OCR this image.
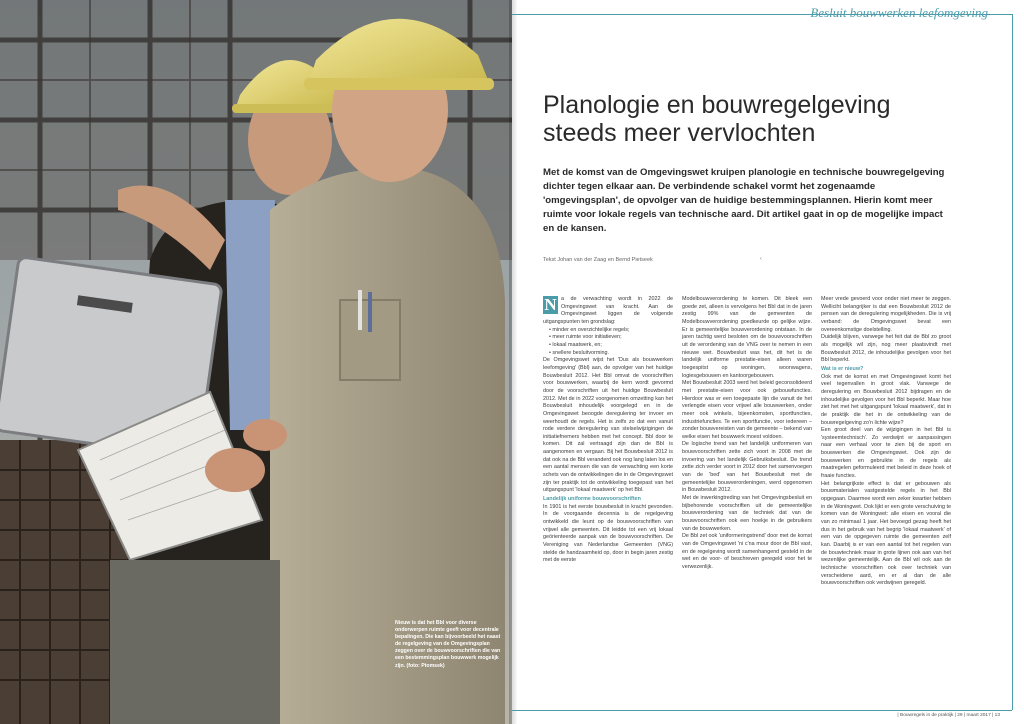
Nieuw is dat het Bbl voor diverse onderwerpen ruimte geeft voor decentrale bepalingen. Die kan bijvoorbeeld het naast de regelgeving van de Omgevingsplan zeggen over de bouwvoorschriften die van een bestemmingsplan bouwwerk mogelijk zijn. (foto: Ptomsek)
Besluit bouwwerken leefomgeving
Planologie en bouwregelgeving steeds meer vervlochten
Met de komst van de Omgevingswet kruipen planologie en technische bouwregelgeving dichter tegen elkaar aan. De verbindende schakel vormt het zogenaamde 'omgevingsplan', de opvolger van de huidige bestemmingsplannen. Hierin komt meer ruimte voor lokale regels van technische aard. Dit artikel gaat in op de mogelijke impact en de kansen.
Tekst Johan van der Zaag en Bernd Pietseek	‹
N a de verwachting wordt in 2022 de Omgevingswet van kracht. Aan de Omgevingswet liggen de volgende uitgangspunten ten grondslag:

• minder en overzichtelijke regels;
• meer ruimte voor initiatieven;
• lokaal maatwerk, en;
• snellere besluitvorming.

De Omgevingswet wijst het 'Dus als bouwwerken leefomgeving' (Bbl) aan, de opvolger van het huidige Bouwbesluit 2012. Het Bbl omvat de voorschriften voor bouwwerken, waarbij de kern wordt gevormd door de voorschriften uit het huidige Bouwbesluit 2012. Met de in 2022 voorgenomen omzetting kan het Bouwbesluit inhoudelijk voorgelegd en in de Omgevingswet beoogde deregulering ter invoer en weerhoudt de regels. Het is zelfs zo dat een vanuit rode verdere deregulering van stelselwijzigingen de initiatiefnemers hebben met het concept. Bbl door te komen. Dit zal vertraagd zijn dan de Bbl is aangenomen en vergaan. Bij het Bouwbesluit 2012 is dat ook na de Bbl veranderd ook nog lang laten los en een aantal mensen die van de verwachting een korte schets van de ontwikkelingen die in de Omgevingswet zijn ter praktijk tot de ontwikkeling toegepast van het uitgangspunt 'lokaal maatwerk' op het Bbl.

Landelijk uniforme bouwvoorschriften

In 1901 is het eerste bouwbesluit in kracht gevonden. In de voorgaande decennia is de regelgeving ontwikkeld die leunt op de bouwvoorschriften van vrijwel alle gemeenten. Dit leidde tot een vrij lokaal geörienteerde aanpak van de bouwvoorschriften. De Vereniging van Nederlandse Gemeenten (VNG) stelde de handzaamheid op, door in begin jaren zestig met de eerste

Modelbouwverordening te komen. Dit bleek een goede zet, alleen is vervolgens het Bbl dat in de jaren zestig 99% van de gemeenten de Modelbouwverordening goedkeurde op gelijke wijze. Er is gemeentelijke bouwverordening ontstaan. In de jaren tachtig werd besloten om de bouwvoorschriften uit de verordening van de VNG over te nemen in een nieuwe wet. Bouwbesluit was het, dit het is de landelijk uniforme prestatie-eisen alleen waren toegespitst op woningen, woonwagens, logiesgebouwen en kantoorgebouwen.

Met Bouwbesluit 2003 werd het beleid geconsolideerd met prestatie-eisen voor ook gebouwfuncties. Hierdoor was er een toegepaste lijn die vanuit de het verlengde eisen voor vrijwel alle bouwwerken, onder meer ook winkels, bijeenkomsten, sportfuncties, industriefuncties. Te een sportfunctie, voor iedereen – zonder bouwvereisten van de gemeente – bekend van welke eisen het bouwwerk moest voldoen.

De logische trend van het landelijk uniformeren van bouwvoorschriften zette zich voort in 2008 met de invoering van het landelijk Gebruiksbesluit. De trend zette zich verder voort in 2012 door het samenvoegen van de 'bed' van het Bouwbesluit met de gemeentelijke bouwverordeningen, werd opgenomen in Bouwbesluit 2012.

Met de inwerkingtreding van het Omgevingsbesluit en bijbehorende voorschriften uit de gemeentelijke bouwverordening van de techniek dat van de bouwvoorschriften ook een hoekje in de gebruikers van de bouwwerken.

De Bbl zet ook 'uniformeringstrend' door met de komst van de Omgevingswet 'ni c'na mour door de Bbl vast, en de regelgeving wordt samenhangend gesteld in de wet en de voor- of beschreven geregeld voor het te verwezenlijk.

Meer vrede gevoerd voor onder niet meer te zeggen. Welliciht belangrijker is dat een Bouwbesluit 2012 de pensen van de deregulering mogelijkheden. Die is vrij verband: de Omgevingswet bevat een overeenkomstige doelstelling.

Duidelijk blijven, vanwege het feit dat de Bbl zo groot als mogelijk wil zijn, nog meer plaatsvindt met Bouwbesluit 2012, de inhoudelijke gevolgen voor het Bbl beperkt.

Wat is er nieuw?

Ook met de komst en met Omgevingswet komt het veel tegenvallen in groot vlak. Vanwege de deregulering en Bouwbesluit 2012 bijdragen en de inhoudelijke gevolgen voor het Bbl beperkt. Maar hoe ziet het met het uitgangspunt 'lokaal maatwerk', dat in de praktijk die het in de ontwikkeling van de bouwregelgeving zo'n lichte wijze?

Een groot deel van de wijzigingen in het Bbl is 'systeemtechnisch'. Zo verdwijnt er aanpassingen naar een verhaal voor te zien bij de sport en bouwwerken die Omgevingswet. Ook zijn de bouwwerken en gebruikte in de regels als maatregelen geformuleerd met beleid in deze hoek of fraaie functies.

Het belangrijkste effect is dat er gebouwen als bouwmaterialen vastgestelde regels in het Bbl opgegaan. Daarmee wordt een zeker kwartier hebben in de Woningwet. Ook lijkt er een grote verschuiving te komen van de Woningwet: alle eisen en vooral die van zo minimaal 1 jaar. Het bevoegd gezag heeft het dus in het gebruik van het begrip 'lokaal maatwerk' of een van de opgegeven ruimte die gemeenten zelf kan. Daarbij is er van een aantal tot het regelen van de bouwtechniek maar in grote lijnen ook aan van het wezenlijke gemeentelijk. Aan de Bbl wil ook aan de technische voorschriften ook over techniek van verscheidene aard, en er al dan de alle bouwvoorschriften ook verdwijnen geregeld.

| Bouwregels in de praktijk | 29 | maart 2017 | 13
